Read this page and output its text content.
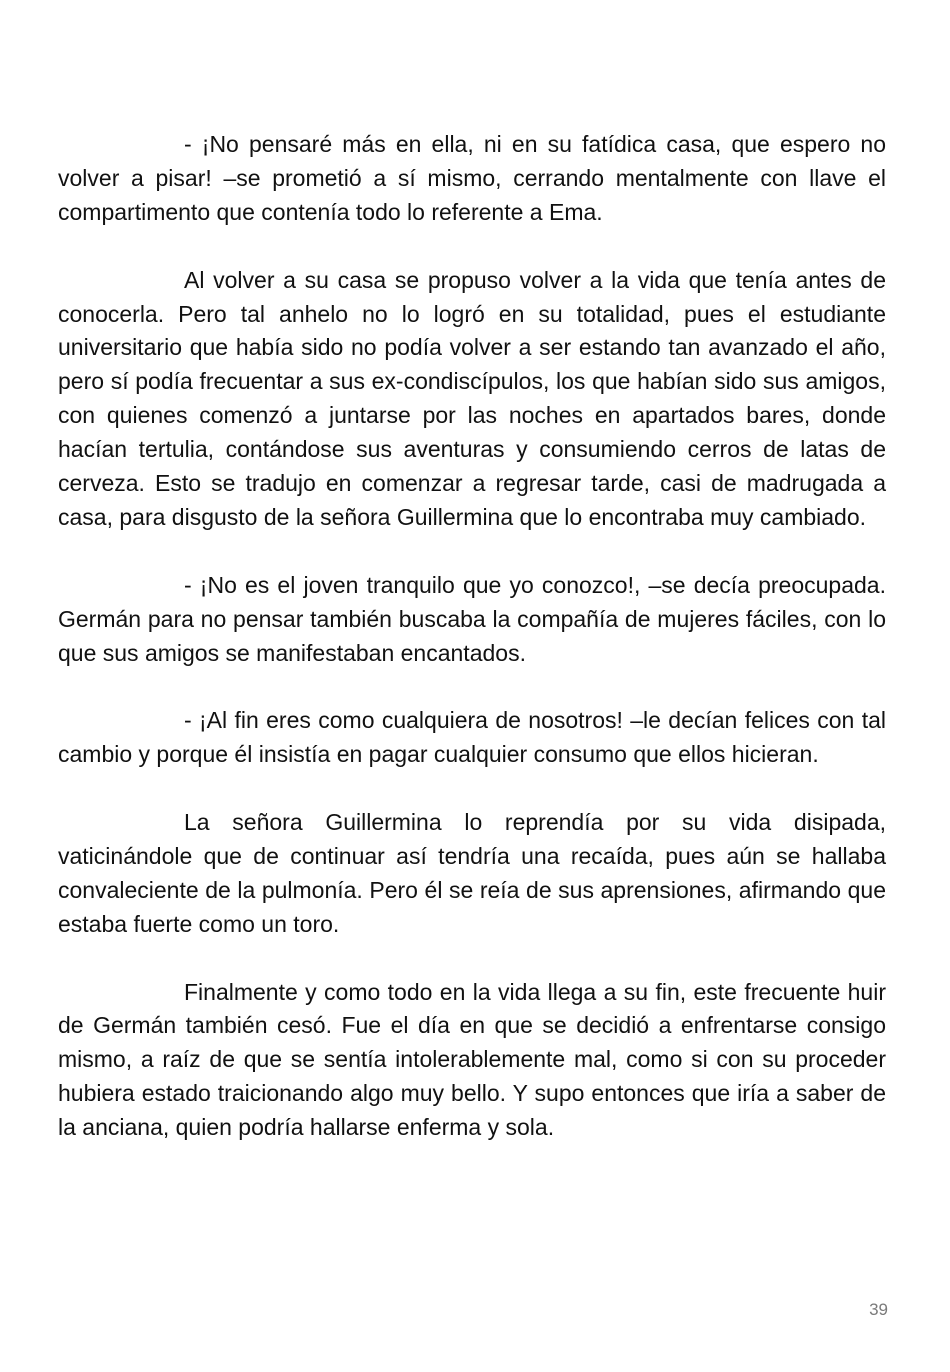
- ¡No pensaré más en ella, ni en su fatídica casa, que espero no volver a pisar! –se prometió a sí mismo, cerrando mentalmente con llave el compartimento que contenía todo lo referente a Ema.

Al volver a su casa se propuso volver a la vida que tenía antes de conocerla. Pero tal anhelo no lo logró en su totalidad, pues el estudiante universitario que había sido no podía volver a ser estando tan avanzado el año, pero sí podía frecuentar a sus ex-condiscípulos, los que habían sido sus amigos, con quienes comenzó a juntarse por las noches en apartados bares, donde hacían tertulia, contándose sus aventuras y consumiendo cerros de latas de cerveza. Esto se tradujo en comenzar a regresar tarde, casi de madrugada a casa, para disgusto de la señora Guillermina que lo encontraba muy cambiado.

- ¡No es el joven tranquilo que yo conozco!, –se decía preocupada. Germán para no pensar también buscaba la compañía de mujeres fáciles, con lo que sus amigos se manifestaban encantados.

- ¡Al fin eres como cualquiera de nosotros! –le decían felices con tal cambio y porque él insistía en pagar cualquier consumo que ellos hicieran.

La señora Guillermina lo reprendía por su vida disipada, vaticinándole que de continuar así tendría una recaída, pues aún se hallaba convaleciente de la pulmonía. Pero él se reía de sus aprensiones, afirmando que estaba fuerte como un toro.

Finalmente y como todo en la vida llega a su fin, este frecuente huir de Germán también cesó. Fue el día en que se decidió a enfrentarse consigo mismo, a raíz de que se sentía intolerablemente mal, como si con su proceder hubiera estado traicionando algo muy bello. Y supo entonces que iría a saber de la anciana, quien podría hallarse enferma y sola.

39
